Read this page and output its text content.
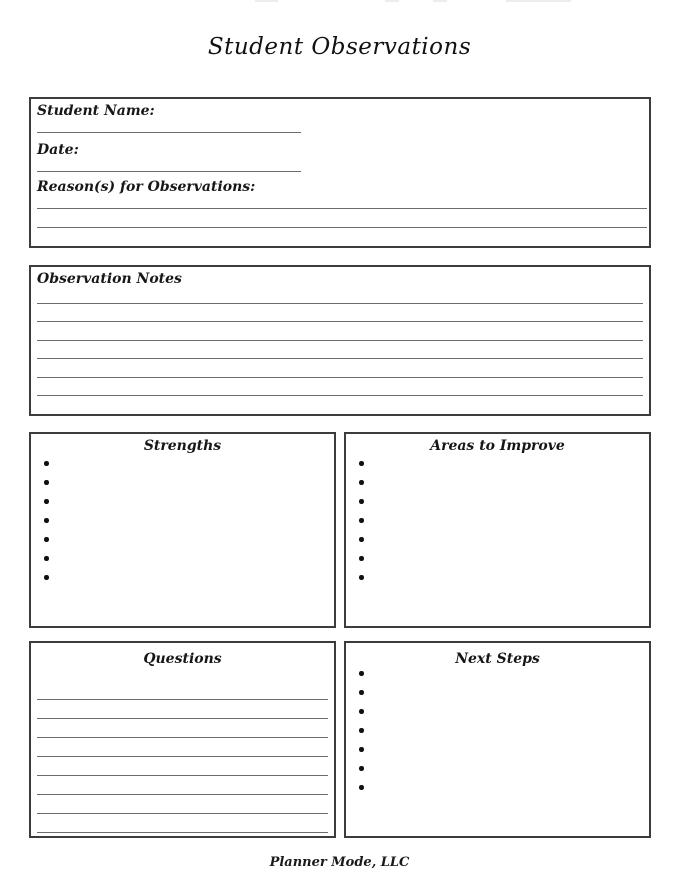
Student Observations
Student Name:
Date:
Reason(s) for Observations:
Observation Notes
Strengths	Areas to Improve
Questions	Next Steps
Planner Mode, LLC
